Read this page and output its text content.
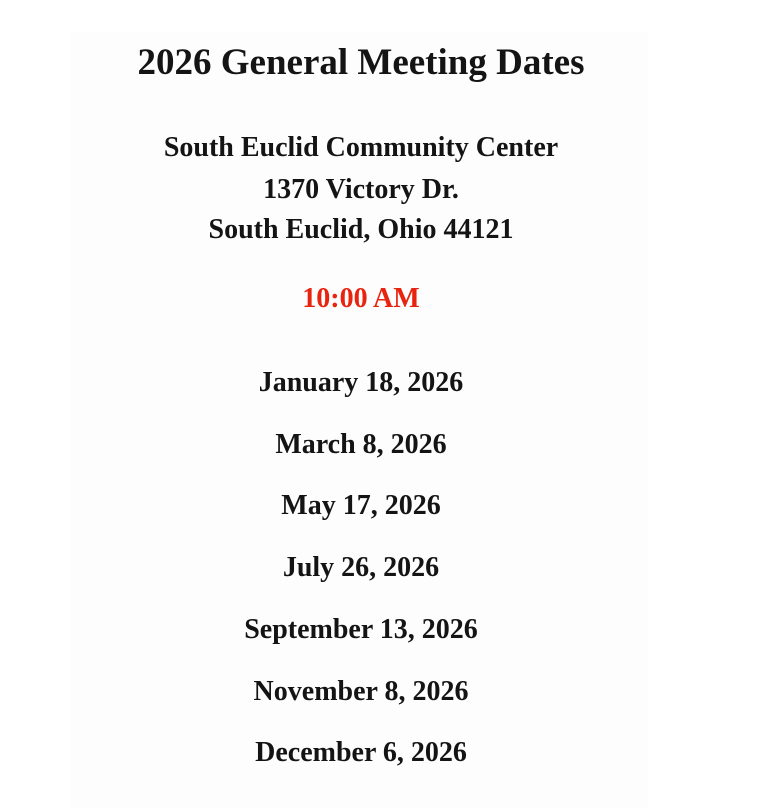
2026 General Meeting Dates
South Euclid Community Center
1370 Victory Dr.
South Euclid, Ohio 44121
10:00 AM
January 18, 2026
March 8, 2026
May 17, 2026
July 26, 2026
September 13, 2026
November 8, 2026
December 6, 2026
